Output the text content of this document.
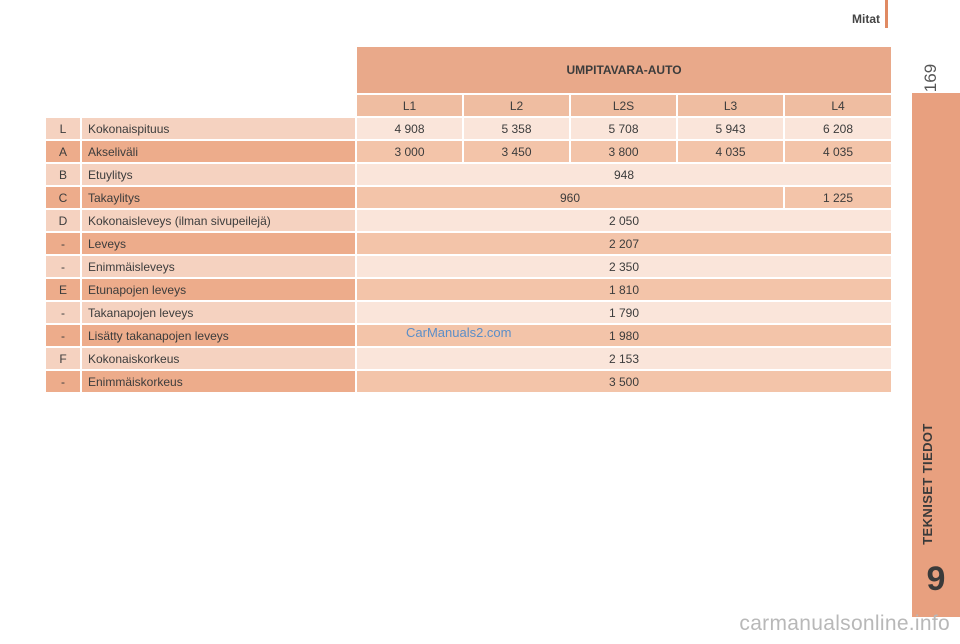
Mitat
169
TEKNISET TIEDOT
9
		UMPITAVARA-AUTO				
		L1	L2	L2S	L3	L4
L	Kokonaispituus	4 908	5 358	5 708	5 943	6 208
A	Akseliväli	3 000	3 450	3 800	4 035	4 035
B	Etuylitys	948				
C	Takaylitys	960				1 225
D	Kokonaisleveys (ilman sivupeilejä)	2 050				
-	Leveys	2 207				
-	Enimmäisleveys	2 350				
E	Etunapojen leveys	1 810				
-	Takanapojen leveys	1 790				
-	Lisätty takanapojen leveys	1 980				
F	Kokonaiskorkeus	2 153				
-	Enimmäiskorkeus	3 500				
CarManuals2.com
carmanualsonline.info
